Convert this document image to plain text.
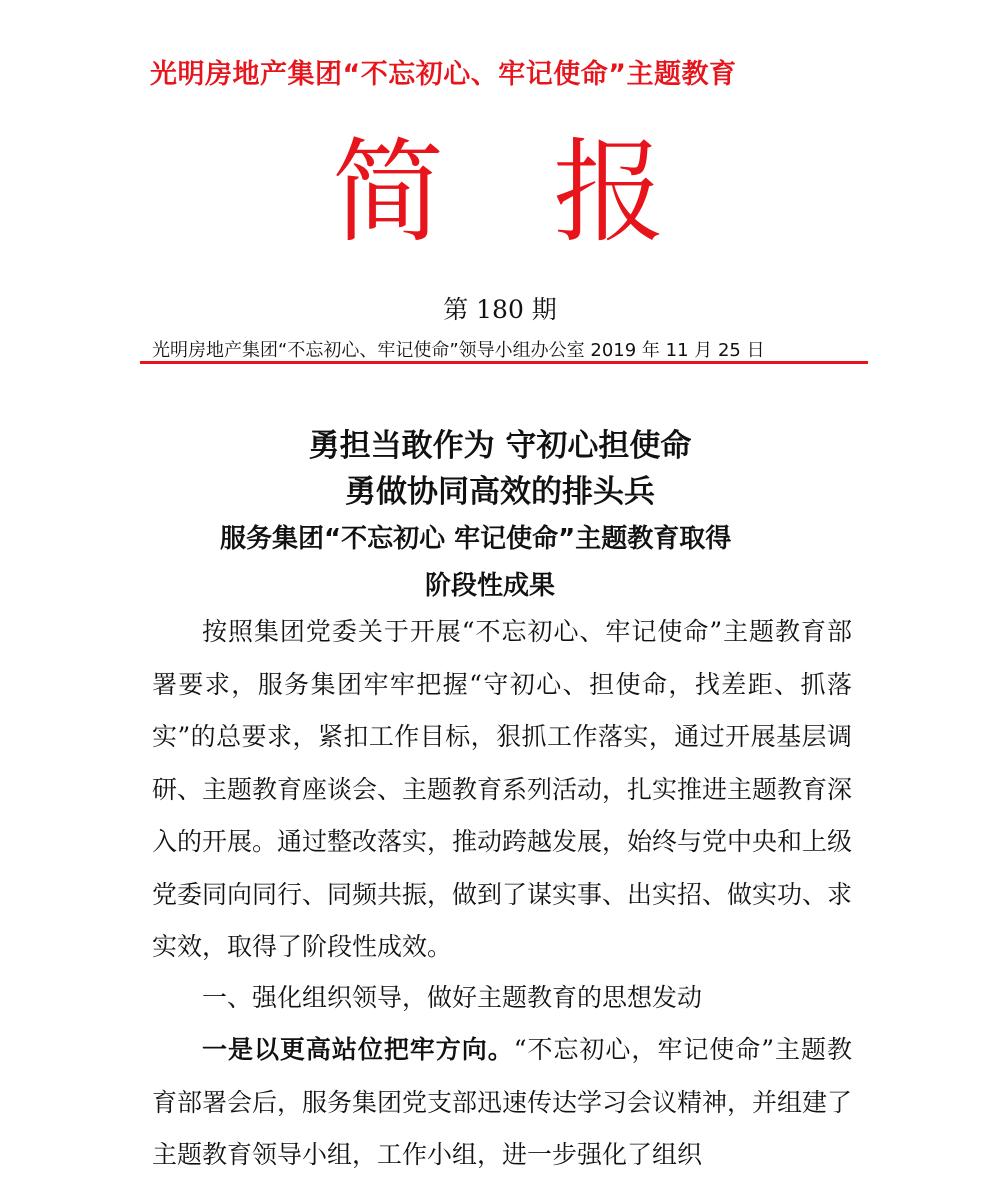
光明房地产集团“不忘初心、牢记使命”主题教育
简 报
第 180 期
光明房地产集团“不忘初心、牢记使命”领导小组办公室 2019 年 11 月 25 日
勇担当敢作为 守初心担使命
勇做协同高效的排头兵
服务集团“不忘初心 牢记使命”主题教育取得
阶段性成果

按照集团党委关于开展“不忘初心、牢记使命”主题教育部署要求，服务集团牢牢把握“守初心、担使命，找差距、抓落实”的总要求，紧扣工作目标，狠抓工作落实，通过开展基层调研、主题教育座谈会、主题教育系列活动，扎实推进主题教育深入的开展。通过整改落实，推动跨越发展，始终与党中央和上级党委同向同行、同频共振，做到了谋实事、出实招、做实功、求实效，取得了阶段性成效。

一、强化组织领导，做好主题教育的思想发动

一是以更高站位把牢方向。“不忘初心，牢记使命”主题教育部署会后，服务集团党支部迅速传达学习会议精神，并组建了主题教育领导小组，工作小组，进一步强化了组织
